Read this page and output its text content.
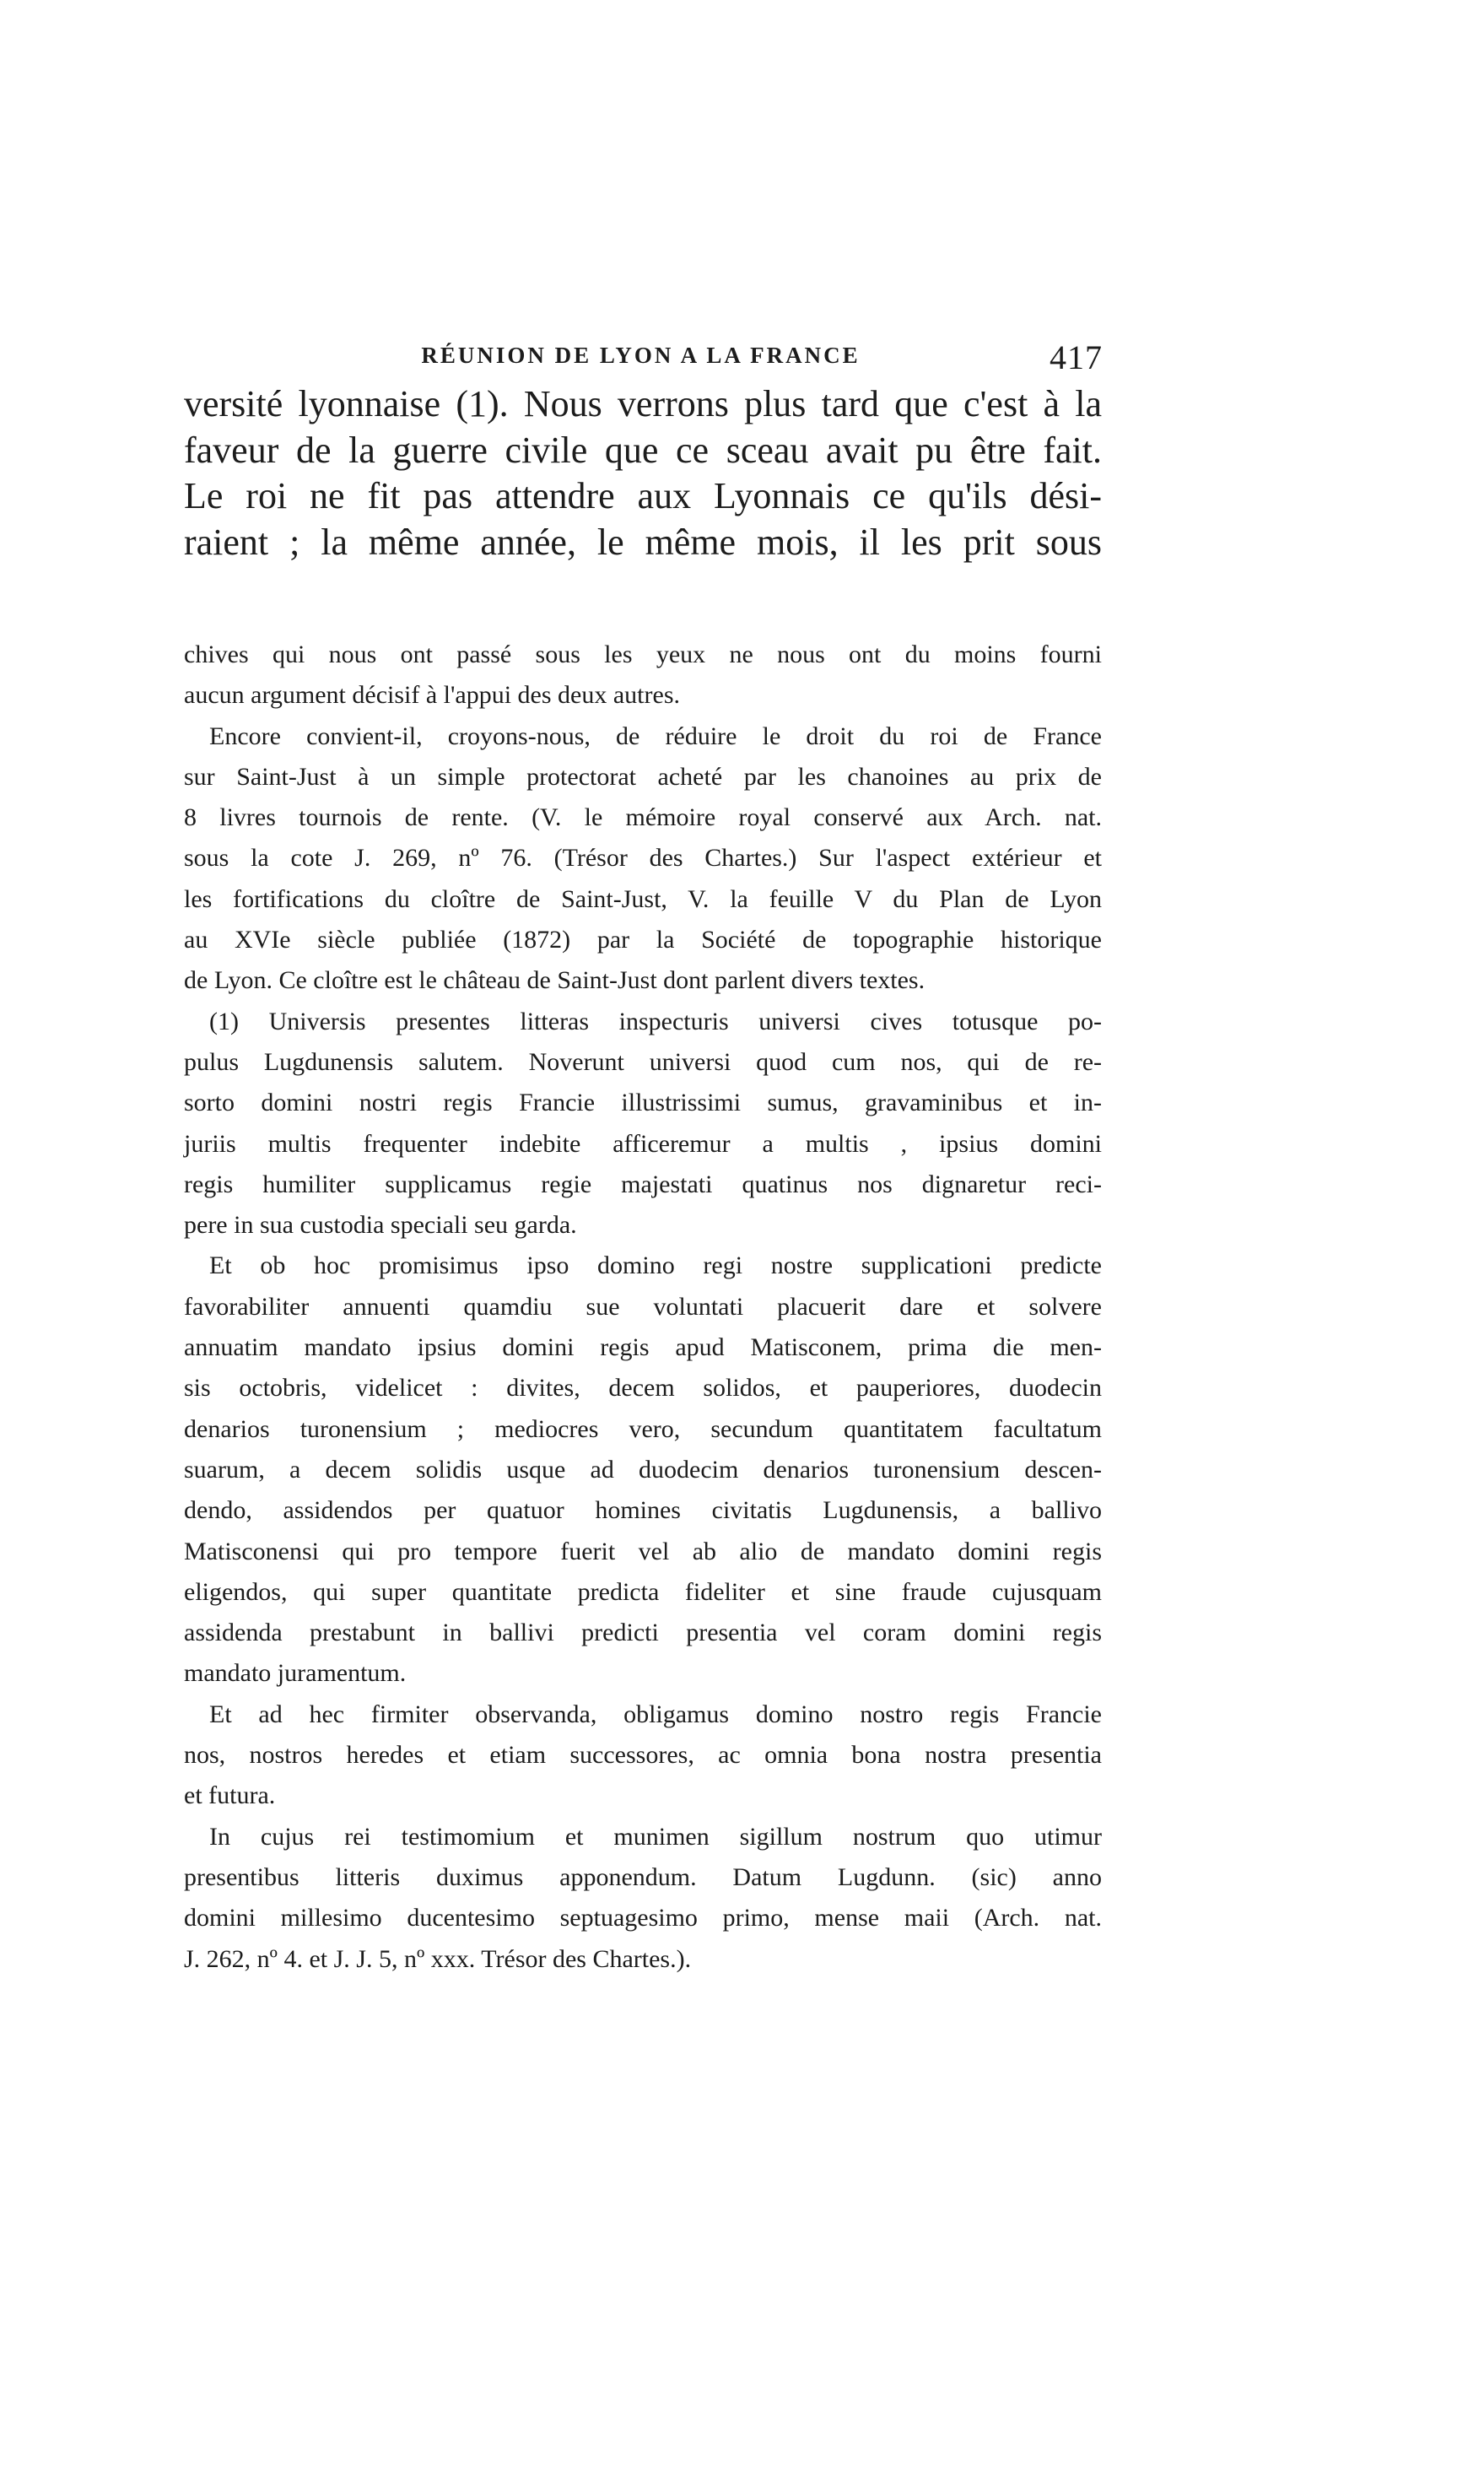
RÉUNION DE LYON A LA FRANCE	417
versité lyonnaise (1). Nous verrons plus tard que c'est à la
faveur de la guerre civile que ce sceau avait pu être fait.
Le roi ne fit pas attendre aux Lyonnais ce qu'ils dési-
raient ; la même année, le même mois, il les prit sous
chives qui nous ont passé sous les yeux ne nous ont du moins fourni
aucun argument décisif à l'appui des deux autres.
Encore convient-il, croyons-nous, de réduire le droit du roi de France
sur Saint-Just à un simple protectorat acheté par les chanoines au prix de
8 livres tournois de rente. (V. le mémoire royal conservé aux Arch. nat.
sous la cote J. 269, nº 76. (Trésor des Chartes.) Sur l'aspect extérieur et
les fortifications du cloître de Saint-Just, V. la feuille V du Plan de Lyon
au XVIe siècle publiée (1872) par la Société de topographie historique
de Lyon. Ce cloître est le château de Saint-Just dont parlent divers textes.
(1) Universis presentes litteras inspecturis universi cives totusque po-
pulus Lugdunensis salutem. Noverunt universi quod cum nos, qui de re-
sorto domini nostri regis Francie illustrissimi sumus, gravaminibus et in-
juriis multis frequenter indebite afficeremur a multis , ipsius domini
regis humiliter supplicamus regie majestati quatinus nos dignaretur reci-
pere in sua custodia speciali seu garda.
Et ob hoc promisimus ipso domino regi nostre supplicationi predicte
favorabiliter annuenti quamdiu sue voluntati placuerit dare et solvere
annuatim mandato ipsius domini regis apud Matisconem, prima die men-
sis octobris, videlicet : divites, decem solidos, et pauperiores, duodecin
denarios turonensium ; mediocres vero, secundum quantitatem facultatum
suarum, a decem solidis usque ad duodecim denarios turonensium descen-
dendo, assidendos per quatuor homines civitatis Lugdunensis, a ballivo
Matisconensi qui pro tempore fuerit vel ab alio de mandato domini regis
eligendos, qui super quantitate predicta fideliter et sine fraude cujusquam
assidenda prestabunt in ballivi predicti presentia vel coram domini regis
mandato juramentum.
Et ad hec firmiter observanda, obligamus domino nostro regis Francie
nos, nostros heredes et etiam successores, ac omnia bona nostra presentia
et futura.
In cujus rei testimomium et munimen sigillum nostrum quo utimur
presentibus litteris duximus apponendum. Datum Lugdunn. (sic) anno
domini millesimo ducentesimo septuagesimo primo, mense maii (Arch. nat.
J. 262, nº 4. et J. J. 5, nº xxx. Trésor des Chartes.).
